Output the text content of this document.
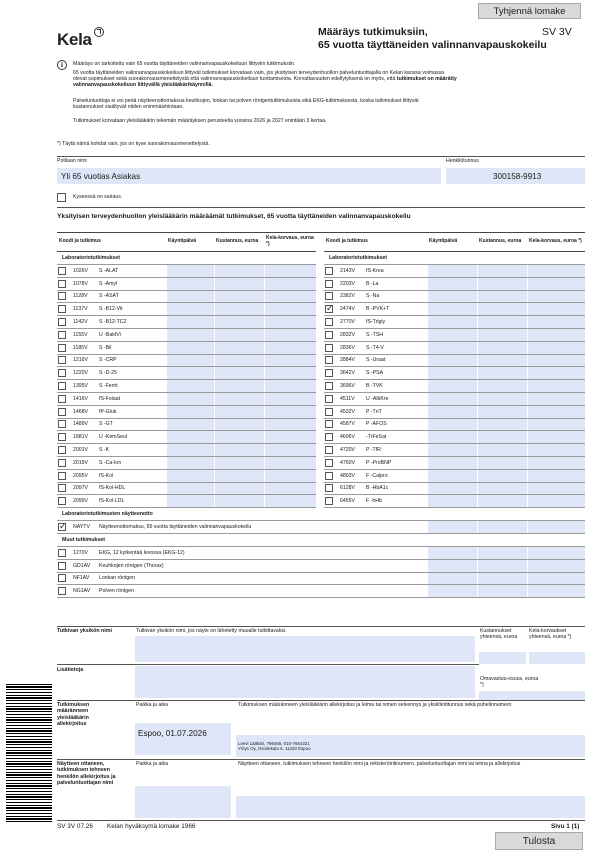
Tyhjennä lomake
Kela	Määräys tutkimuksiin,
65 vuotta täyttäneiden valinnanvapauskokeilu
SV 3V
i	Määräys on tarkoitettu vain 65 vuotta täyttäneiden valinnanvapauskokeiluun liittyviin tutkimuksiin.
65 vuotta täyttäneiden valinnanvapauskokeiluun liittyvät tutkimukset korvataan vain, jos yksityisen terveydenhuollon palveluntuottajalla on Kelan kanssa voimassa
olevat sopimukset sekä suorakorvausmenettelystä että valinnanvapauskokeiluun tuottamisesta. Korvattavuuden edellytyksenä on myös, että tutkimukset on määrätty
valinnanvapauskokeiluun liittyvällä yleislääkärikäynnillä.
Palveluntuottaja ei voi periä näytteenottomaksua keuhkojen, lonkan tai polven röntgentutkimuksista eikä EKG-tutkimuksesta, koska tutkimukset liittyvät
kustannukset sisältyvät niiden enimmäishintaan.
Tutkimukset korvataan yleislääkärin tekemän määräyksen perusteella vuosina 2026 ja 2027 enintään 3 kertaa.
*) Täytä nämä kohdat vain, jos on kyse suorakorvausmenettelystä.
Potilaan nimi	Henkilötunnus
Yli 65 vuotias Asiakas	300158-9913
Kyseessä on sairaus.
Yksityisen terveydenhuollon yleislääkärin määräämät tutkimukset, 65 vuotta täyttäneiden valinnanvapauskokeilu
Koodi ja tutkimus			Käyntipäivä	Kustannus, euroa	Kela-korvaus, euroa *)		Koodi ja tutkimus			Käyntipäivä	Kustannus, euroa	Kela-korvaus, euroa *)
Laboratoriotutkimukset							Laboratoriotutkimukset					
	1026V	S -ALAT						2143V	fS-Krea			
	1078V	S -Amyl						2203V	B -La			
	1128V	S -ASAT						2382V	S -Na			
	1137V	S -B12-Vit					✓	2474V	B -PVK+T			
	1142V	S -B12-TC2						2770V	fS-Trigly			
	1155V	U -BaktVi						2832V	S -TSH			
	1185V	S -Bil						2836V	S -T4-V			
	1216V	S -CRP						2884V	S -Uraat			
	1220V	S -D-25						3642V	S -PSA			
	1395V	S -Ferrit						3696V	B -TVK			
	1416V	fS-Folaat						4511V	U -AlbKre			
	1468V	fP-Gluk						4532V	P -TnT			
	1489V	S -GT						4587V	P -AFOS			
	1881V	U -KemSeul						4606V	-TrFeSat			
	2001V	S -K						4720V	P -TfR			
	2019V	S -Ca-Ion						4760V	P -ProBNP			
	2095V	fS-Kol						4803V	F -Calpro			
	2097V	fS-Kol-HDL						6128V	B -HbA1c			
	2099V	fS-Kol-LDL						6455V	F -hHb			
Laboratoriotutkimusten näytteenotto												

✓	NAYTV	Näytteenottomaksu, 65 vuotta täyttäneiden valinnanvapauskokeilu										
Muut tutkimukset												
	1270V	EKG, 12 kytkentää levossa (EKG-12)										
	GD1AV	Keuhkojen röntgen (Thorax)										
	NF1AV	Lonkan röntgen										
	NG1AV	Polven röntgen										
Tutkivan yksikön nimi	Tutkivan yksikön nimi, jos näyte on lähetetty muualle tutkittavaksi.	Kustannukset yhteensä, euroa
Kela-korvaukset yhteensä, euroa *)
Lisätietoja
Omavastuu-osuus, euroa *)
Tutkimuksen määränneen yleislääkärin allekirjoitus
Paikka ja aika	Tutkimuksen määränneen yleislääkärin allekirjoitus ja leima tai nimen selvennys ja yksilöintitunnus sekä puhelinnumero
Espoo, 01.07.2026
Leevi Lääkäri, 796466, 010-7654321
Yritys Oy, Osoitekatu 6, 11220 Espoo
Näytteen ottaneen, tutkimuksen tehneen henkilön allekirjoitus ja palveluntuottajan nimi
Paikka ja aika	Näytteen ottaneen, tutkimuksen tehneen henkilön nimi ja rekisteröintinumero, palveluntuottajan nimi tai leima ja allekirjoitus
SV 3V 07.26 Kelan hyväksymä lomake 1966	Sivu 1 (1)
Tulosta
